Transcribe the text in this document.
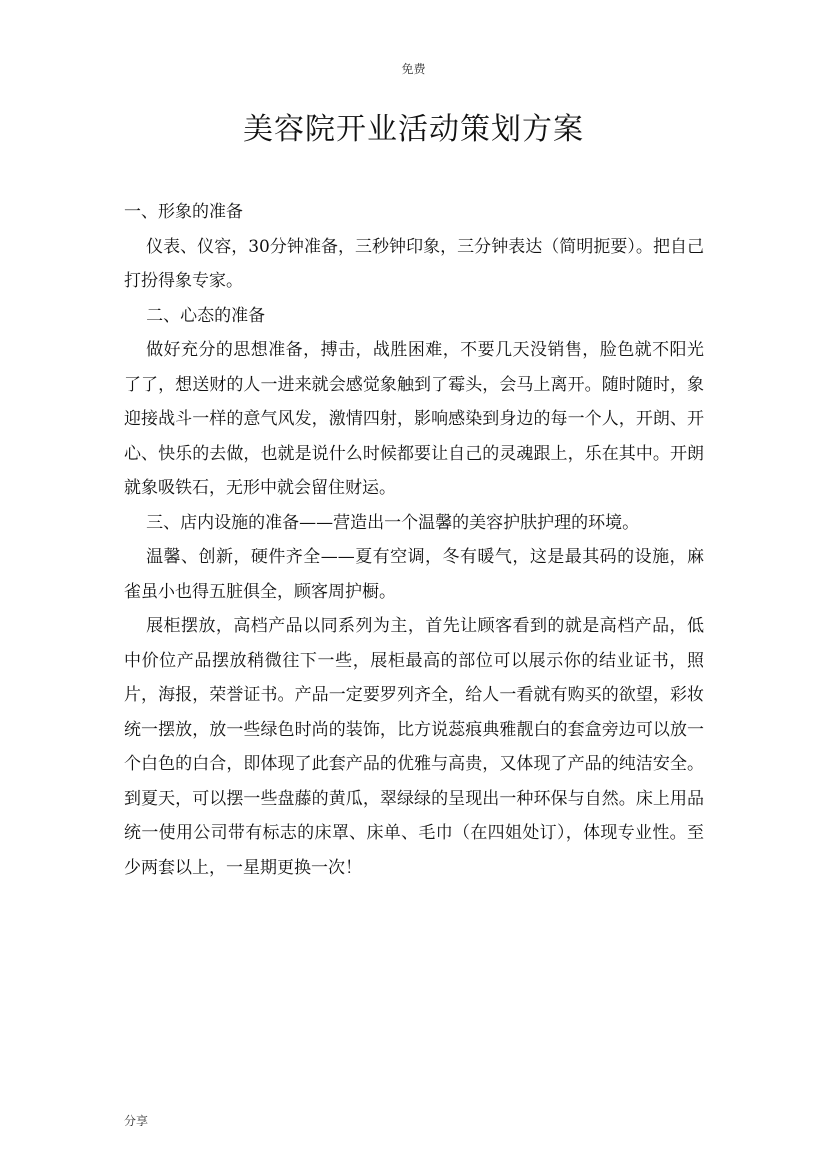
免费
美容院开业活动策划方案

一、形象的准备

仪表、仪容，30分钟准备，三秒钟印象，三分钟表达（简明扼要）。把自己打扮得象专家。

二、心态的准备

做好充分的思想准备，搏击，战胜困难，不要几天没销售，脸色就不阳光了了，想送财的人一进来就会感觉象触到了霉头，会马上离开。随时随时，象迎接战斗一样的意气风发，激情四射，影响感染到身边的每一个人，开朗、开心、快乐的去做，也就是说什么时候都要让自己的灵魂跟上，乐在其中。开朗就象吸铁石，无形中就会留住财运。

三、店内设施的准备——营造出一个温馨的美容护肤护理的环境。

温馨、创新，硬件齐全——夏有空调，冬有暖气，这是最其码的设施，麻雀虽小也得五脏俱全，顾客周护橱。

展柜摆放，高档产品以同系列为主，首先让顾客看到的就是高档产品，低中价位产品摆放稍微往下一些，展柜最高的部位可以展示你的结业证书，照片，海报，荣誉证书。产品一定要罗列齐全，给人一看就有购买的欲望，彩妆统一摆放，放一些绿色时尚的装饰，比方说蕊痕典雅靓白的套盒旁边可以放一个白色的白合，即体现了此套产品的优雅与高贵，又体现了产品的纯洁安全。到夏天，可以摆一些盘藤的黄瓜，翠绿绿的呈现出一种环保与自然。床上用品统一使用公司带有标志的床罩、床单、毛巾（在四姐处订），体现专业性。至少两套以上，一星期更换一次！

分享
